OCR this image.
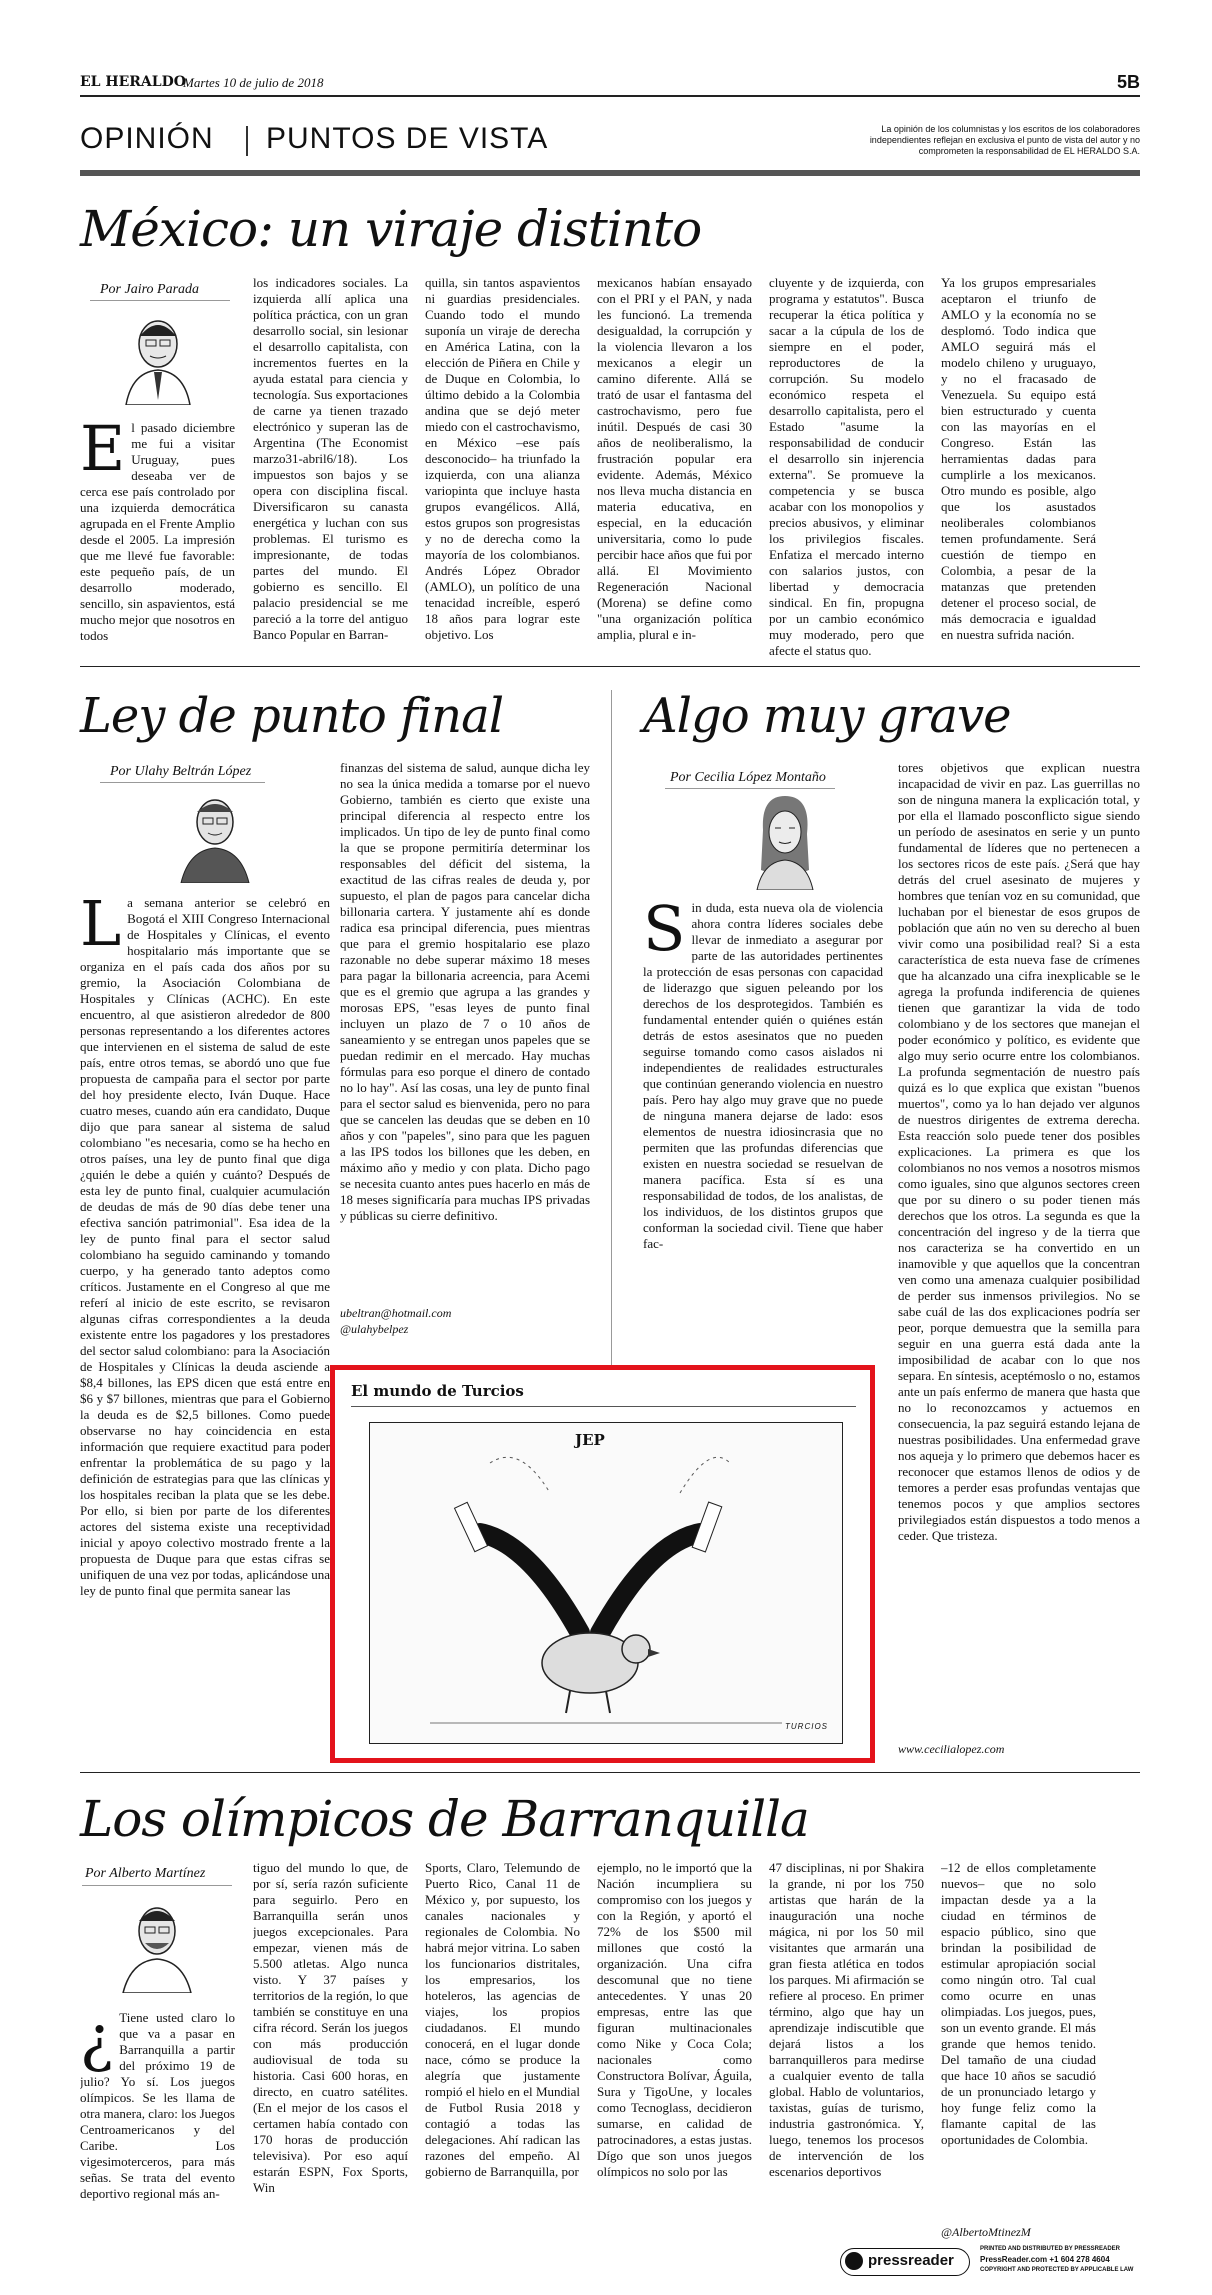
EL HERALDO
Martes 10 de julio de 2018	5B
OPINIÓN PUNTOS DE VISTA	La opinión de los columnistas y los escritos de los colaboradores independientes reflejan en exclusiva el punto de vista del autor y no comprometen la responsabilidad de EL HERALDO S.A.
México: un viraje distinto
Por Jairo Parada
El pasado diciembre me fui a visitar Uruguay, pues deseaba ver de cerca ese país controlado por una izquierda democrática agrupada en el Frente Amplio desde el 2005. La impresión que me llevé fue favorable: este pequeño país, de un desarrollo moderado, sencillo, sin aspavientos, está mucho mejor que nosotros en todos
los indicadores sociales. La izquierda allí aplica una política práctica, con un gran desarrollo social, sin lesionar el desarrollo capitalista, con incrementos fuertes en la ayuda estatal para ciencia y tecnología. Sus exportaciones de carne ya tienen trazado electrónico y superan las de Argentina (The Economist marzo31-abril6/18). Los impuestos son bajos y se opera con disciplina fiscal. Diversificaron su canasta energética y luchan con sus problemas. El turismo es impresionante, de todas partes del mundo. El gobierno es sencillo. El palacio presidencial se me pareció a la torre del antiguo Banco Popular en Barran-
quilla, sin tantos aspavientos ni guardias presidenciales. Cuando todo el mundo suponía un viraje de derecha en América Latina, con la elección de Piñera en Chile y de Duque en Colombia, lo último debido a la Colombia andina que se dejó meter miedo con el castrochavismo, en México –ese país desconocido– ha triunfado la izquierda, con una alianza variopinta que incluye hasta grupos evangélicos. Allá, estos grupos son progresistas y no de derecha como la mayoría de los colombianos. Andrés López Obrador (AMLO), un político de una tenacidad increíble, esperó 18 años para lograr este objetivo. Los
mexicanos habían ensayado con el PRI y el PAN, y nada les funcionó. La tremenda desigualdad, la corrupción y la violencia llevaron a los mexicanos a elegir un camino diferente. Allá se trató de usar el fantasma del castrochavismo, pero fue inútil. Después de casi 30 años de neoliberalismo, la frustración popular era evidente. Además, México nos lleva mucha distancia en materia educativa, en especial, en la educación universitaria, como lo pude percibir hace años que fui por allá. El Movimiento Regeneración Nacional (Morena) se define como "una organización política amplia, plural e in-
cluyente y de izquierda, con programa y estatutos". Busca recuperar la ética política y sacar a la cúpula de los de siempre en el poder, reproductores de la corrupción. Su modelo económico respeta el desarrollo capitalista, pero el Estado "asume la responsabilidad de conducir el desarrollo sin injerencia externa". Se promueve la competencia y se busca acabar con los monopolios y precios abusivos, y eliminar los privilegios fiscales. Enfatiza el mercado interno con salarios justos, con libertad y democracia sindical. En fin, propugna por un cambio económico muy moderado, pero que afecte el status quo.
Ya los grupos empresariales aceptaron el triunfo de AMLO y la economía no se desplomó. Todo indica que AMLO seguirá más el modelo chileno y uruguayo, y no el fracasado de Venezuela. Su equipo está bien estructurado y cuenta con las mayorías en el Congreso. Están las herramientas dadas para cumplirle a los mexicanos. Otro mundo es posible, algo que los asustados neoliberales colombianos temen profundamente. Será cuestión de tiempo en Colombia, a pesar de la matanzas que pretenden detener el proceso social, de más democracia e igualdad en nuestra sufrida nación.
Ley de punto final
Por Ulahy Beltrán López
La semana anterior se celebró en Bogotá el XIII Congreso Internacional de Hospitales y Clínicas, el evento hospitalario más importante que se organiza en el país cada dos años por su gremio, la Asociación Colombiana de Hospitales y Clínicas (ACHC). En este encuentro, al que asistieron alrededor de 800 personas representando a los diferentes actores que intervienen en el sistema de salud de este país, entre otros temas, se abordó uno que fue propuesta de campaña para el sector por parte del hoy presidente electo, Iván Duque. Hace cuatro meses, cuando aún era candidato, Duque dijo que para sanear al sistema de salud colombiano "es necesaria, como se ha hecho en otros países, una ley de punto final que diga ¿quién le debe a quién y cuánto? Después de esta ley de punto final, cualquier acumulación de deudas de más de 90 días debe tener una efectiva sanción patrimonial". Esa idea de la ley de punto final para el sector salud colombiano ha seguido caminando y tomando cuerpo, y ha generado tanto adeptos como críticos. Justamente en el Congreso al que me referí al inicio de este escrito, se revisaron algunas cifras correspondientes a la deuda existente entre los pagadores y los prestadores del sector salud colombiano: para la Asociación de Hospitales y Clínicas la deuda asciende a $8,4 billones, las EPS dicen que está entre en $6 y $7 billones, mientras que para el Gobierno la deuda es de $2,5 billones. Como puede observarse no hay coincidencia en esta información que requiere exactitud para poder enfrentar la problemática de su pago y la definición de estrategias para que las clínicas y los hospitales reciban la plata que se les debe. Por ello, si bien por parte de los diferentes actores del sistema existe una receptividad inicial y apoyo colectivo mostrado frente a la propuesta de Duque para que estas cifras se unifiquen de una vez por todas, aplicándose una ley de punto final que permita sanear las
finanzas del sistema de salud, aunque dicha ley no sea la única medida a tomarse por el nuevo Gobierno, también es cierto que existe una principal diferencia al respecto entre los implicados. Un tipo de ley de punto final como la que se propone permitiría determinar los responsables del déficit del sistema, la exactitud de las cifras reales de deuda y, por supuesto, el plan de pagos para cancelar dicha billonaria cartera. Y justamente ahí es donde radica esa principal diferencia, pues mientras que para el gremio hospitalario ese plazo razonable no debe superar máximo 18 meses para pagar la billonaria acreencia, para Acemi que es el gremio que agrupa a las grandes y morosas EPS, "esas leyes de punto final incluyen un plazo de 7 o 10 años de saneamiento y se entregan unos papeles que se puedan redimir en el mercado. Hay muchas fórmulas para eso porque el dinero de contado no lo hay". Así las cosas, una ley de punto final para el sector salud es bienvenida, pero no para que se cancelen las deudas que se deben en 10 años y con "papeles", sino para que les paguen a las IPS todos los billones que les deben, en máximo año y medio y con plata. Dicho pago se necesita cuanto antes pues hacerlo en más de 18 meses significaría para muchas IPS privadas y públicas su cierre definitivo.
ubeltran@hotmail.com
@ulahybelpez
Algo muy grave
Por Cecilia López Montaño
Sin duda, esta nueva ola de violencia ahora contra líderes sociales debe llevar de inmediato a asegurar por parte de las autoridades pertinentes la protección de esas personas con capacidad de liderazgo que siguen peleando por los derechos de los desprotegidos. También es fundamental entender quién o quiénes están detrás de estos asesinatos que no pueden seguirse tomando como casos aislados ni independientes de realidades estructurales que continúan generando violencia en nuestro país. Pero hay algo muy grave que no puede de ninguna manera dejarse de lado: esos elementos de nuestra idiosincrasia que no permiten que las profundas diferencias que existen en nuestra sociedad se resuelvan de manera pacífica. Esta sí es una responsabilidad de todos, de los analistas, de los individuos, de los distintos grupos que conforman la sociedad civil. Tiene que haber fac-
tores objetivos que explican nuestra incapacidad de vivir en paz. Las guerrillas no son de ninguna manera la explicación total, y por ella el llamado posconflicto sigue siendo un período de asesinatos en serie y un punto fundamental de líderes que no pertenecen a los sectores ricos de este país. ¿Será que hay detrás del cruel asesinato de mujeres y hombres que tenían voz en su comunidad, que luchaban por el bienestar de esos grupos de población que aún no ven su derecho al buen vivir como una posibilidad real? Si a esta característica de esta nueva fase de crímenes que ha alcanzado una cifra inexplicable se le agrega la profunda indiferencia de quienes tienen que garantizar la vida de todo colombiano y de los sectores que manejan el poder económico y político, es evidente que algo muy serio ocurre entre los colombianos. La profunda segmentación de nuestro país quizá es lo que explica que existan "buenos muertos", como ya lo han dejado ver algunos de nuestros dirigentes de extrema derecha. Esta reacción solo puede tener dos posibles explicaciones. La primera es que los colombianos no nos vemos a nosotros mismos como iguales, sino que algunos sectores creen que por su dinero o su poder tienen más derechos que los otros. La segunda es que la concentración del ingreso y de la tierra que nos caracteriza se ha convertido en un inamovible y que aquellos que la concentran ven como una amenaza cualquier posibilidad de perder sus inmensos privilegios. No se sabe cuál de las dos explicaciones podría ser peor, porque demuestra que la semilla para seguir en una guerra está dada ante la imposibilidad de acabar con lo que nos separa. En síntesis, aceptémoslo o no, estamos ante un país enfermo de manera que hasta que no lo reconozcamos y actuemos en consecuencia, la paz seguirá estando lejana de nuestras posibilidades. Una enfermedad grave nos aqueja y lo primero que debemos hacer es reconocer que estamos llenos de odios y de temores a perder esas profundas ventajas que tenemos pocos y que amplios sectores privilegiados están dispuestos a todo menos a ceder. Que tristeza.
www.cecilialopez.com
El mundo de Turcios
JEP
TURCIOS
Los olímpicos de Barranquilla
Por Alberto Martínez
¿ Tiene usted claro lo que va a pasar en Barranquilla a partir del próximo 19 de julio? Yo sí. Los juegos olímpicos. Se les llama de otra manera, claro: los Juegos Centroamericanos y del Caribe. Los vigesimoterceros, para más señas. Se trata del evento deportivo regional más an-
tiguo del mundo lo que, de por sí, sería razón suficiente para seguirlo. Pero en Barranquilla serán unos juegos excepcionales. Para empezar, vienen más de 5.500 atletas. Algo nunca visto. Y 37 países y territorios de la región, lo que también se constituye en una cifra récord. Serán los juegos con más producción audiovisual de toda su historia. Casi 600 horas, en directo, en cuatro satélites. (En el mejor de los casos el certamen había contado con 170 horas de producción televisiva). Por eso aquí estarán ESPN, Fox Sports, Win
Sports, Claro, Telemundo de Puerto Rico, Canal 11 de México y, por supuesto, los canales nacionales y regionales de Colombia. No habrá mejor vitrina. Lo saben los funcionarios distritales, los empresarios, los hoteleros, las agencias de viajes, los propios ciudadanos. El mundo conocerá, en el lugar donde nace, cómo se produce la alegría que justamente rompió el hielo en el Mundial de Futbol Rusia 2018 y contagió a todas las delegaciones. Ahí radican las razones del empeño. Al gobierno de Barranquilla, por
ejemplo, no le importó que la Nación incumpliera su compromiso con los juegos y con la Región, y aportó el 72% de los $500 mil millones que costó la organización. Una cifra descomunal que no tiene antecedentes. Y unas 20 empresas, entre las que figuran multinacionales como Nike y Coca Cola; nacionales como Constructora Bolívar, Águila, Sura y TigoUne, y locales como Tecnoglass, decidieron sumarse, en calidad de patrocinadores, a estas justas. Dígo que son unos juegos olímpicos no solo por las
47 disciplinas, ni por Shakira la grande, ni por los 750 artistas que harán de la inauguración una noche mágica, ni por los 50 mil visitantes que armarán una gran fiesta atlética en todos los parques. Mi afirmación se refiere al proceso. En primer término, algo que hay un aprendizaje indiscutible que dejará listos a los barranquilleros para medirse a cualquier evento de talla global. Hablo de voluntarios, taxistas, guías de turismo, industria gastronómica. Y, luego, tenemos los procesos de intervención de los escenarios deportivos
–12 de ellos completamente nuevos– que no solo impactan desde ya a la ciudad en términos de espacio público, sino que brindan la posibilidad de estimular apropiación social como ningún otro. Tal cual como ocurre en unas olimpiadas. Los juegos, pues, son un evento grande. El más grande que hemos tenido. Del tamaño de una ciudad que hace 10 años se sacudió de un pronunciado letargo y hoy funge feliz como la flamante capital de las oportunidades de Colombia.
@AlbertoMtinezM
pressreader
PRINTED AND DISTRIBUTED BY PRESSREADER
PressReader.com +1 604 278 4604
COPYRIGHT AND PROTECTED BY APPLICABLE LAW
